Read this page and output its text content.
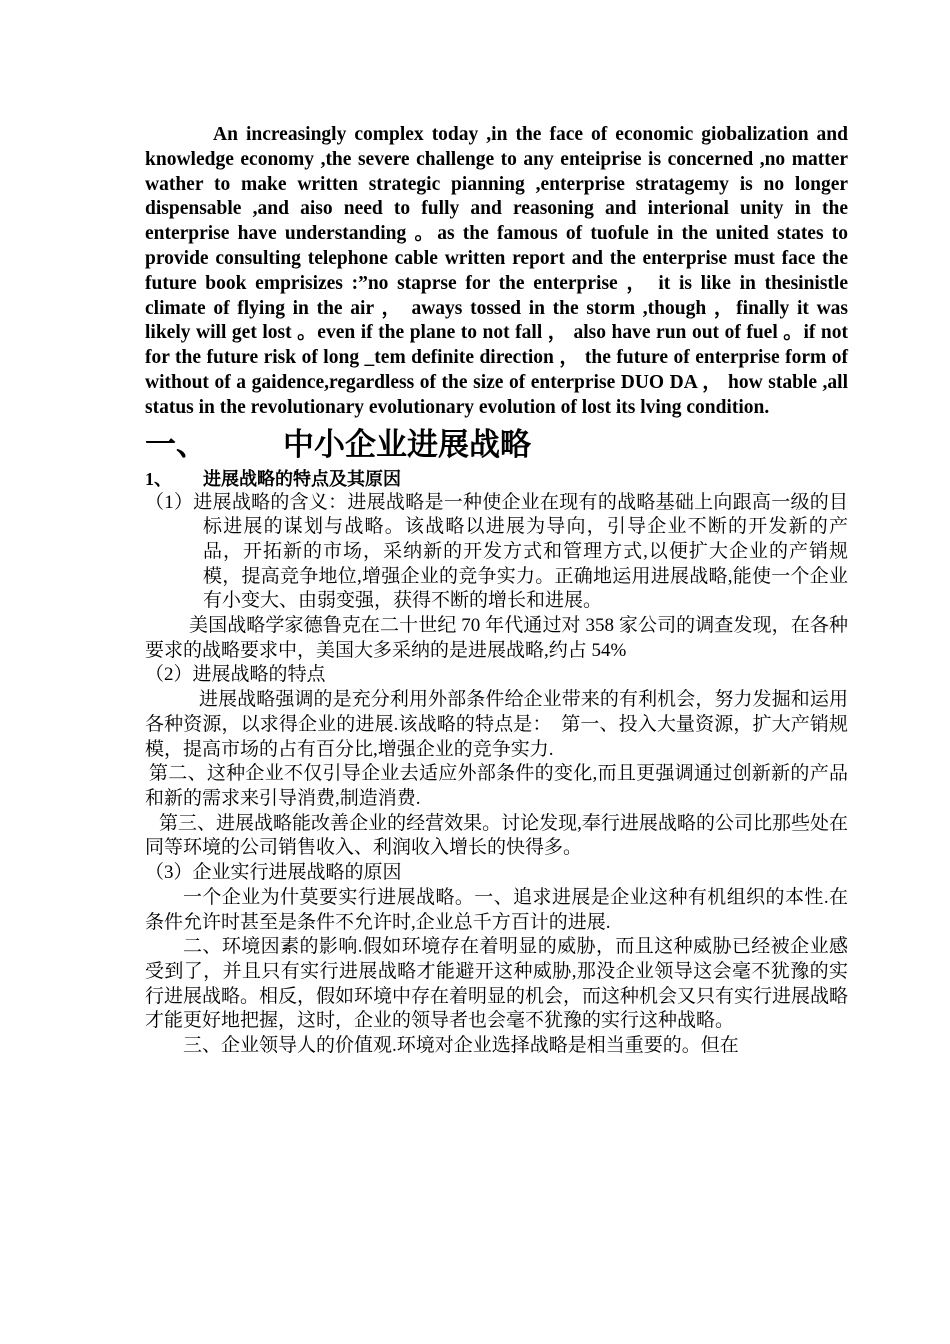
An increasingly complex today ,in the face of economic giobalization and knowledge economy ,the severe challenge to any enteiprise is concerned ,no matter wather to make written strategic pianning ,enterprise stratagemy is no longer dispensable ,and aiso need to fully and reasoning and interional unity in the enterprise have understanding 。as the famous of tuofule in the united states to provide consulting telephone cable written report and the enterprise must face the future book emprisizes :”no staprse for the enterprise ， it is like in thesinistle climate of flying in the air ， aways tossed in the storm ,though ，finally it was likely will get lost 。even if the plane to not fall ， also have run out of fuel 。if not for the future risk of long _tem definite direction ， the future of enterprise form of without of a gaidence,regardless of the size of enterprise DUO DA ， how stable ,all status in the revolutionary evolutionary evolution of lost its lving condition.

一、 中小企业进展战略
1、 进展战略的特点及其原因

（1）进展战略的含义：进展战略是一种使企业在现有的战略基础上向跟高一级的目标进展的谋划与战略。该战略以进展为导向，引导企业不断的开发新的产品，开拓新的市场，采纳新的开发方式和管理方式,以便扩大企业的产销规模，提高竞争地位,增强企业的竞争实力。正确地运用进展战略,能使一个企业有小变大、由弱变强，获得不断的增长和进展。

美国战略学家德鲁克在二十世纪 70 年代通过对 358 家公司的调查发现，在各种要求的战略要求中，美国大多采纳的是进展战略,约占 54%

（2）进展战略的特点

进展战略强调的是充分利用外部条件给企业带来的有利机会，努力发掘和运用各种资源，以求得企业的进展.该战略的特点是：　第一、投入大量资源，扩大产销规模，提高市场的占有百分比,增强企业的竞争实力.

第二、这种企业不仅引导企业去适应外部条件的变化,而且更强调通过创新新的产品和新的需求来引导消费,制造消费.

第三、进展战略能改善企业的经营效果。讨论发现,奉行进展战略的公司比那些处在同等环境的公司销售收入、利润收入增长的快得多。

（3）企业实行进展战略的原因

一个企业为什莫要实行进展战略。一、追求进展是企业这种有机组织的本性.在条件允许时甚至是条件不允许时,企业总千方百计的进展.

二、环境因素的影响.假如环境存在着明显的威胁，而且这种威胁已经被企业感受到了，并且只有实行进展战略才能避开这种威胁,那没企业领导这会毫不犹豫的实行进展战略。相反，假如环境中存在着明显的机会，而这种机会又只有实行进展战略才能更好地把握，这时，企业的领导者也会毫不犹豫的实行这种战略。

三、企业领导人的价值观.环境对企业选择战略是相当重要的。但在
